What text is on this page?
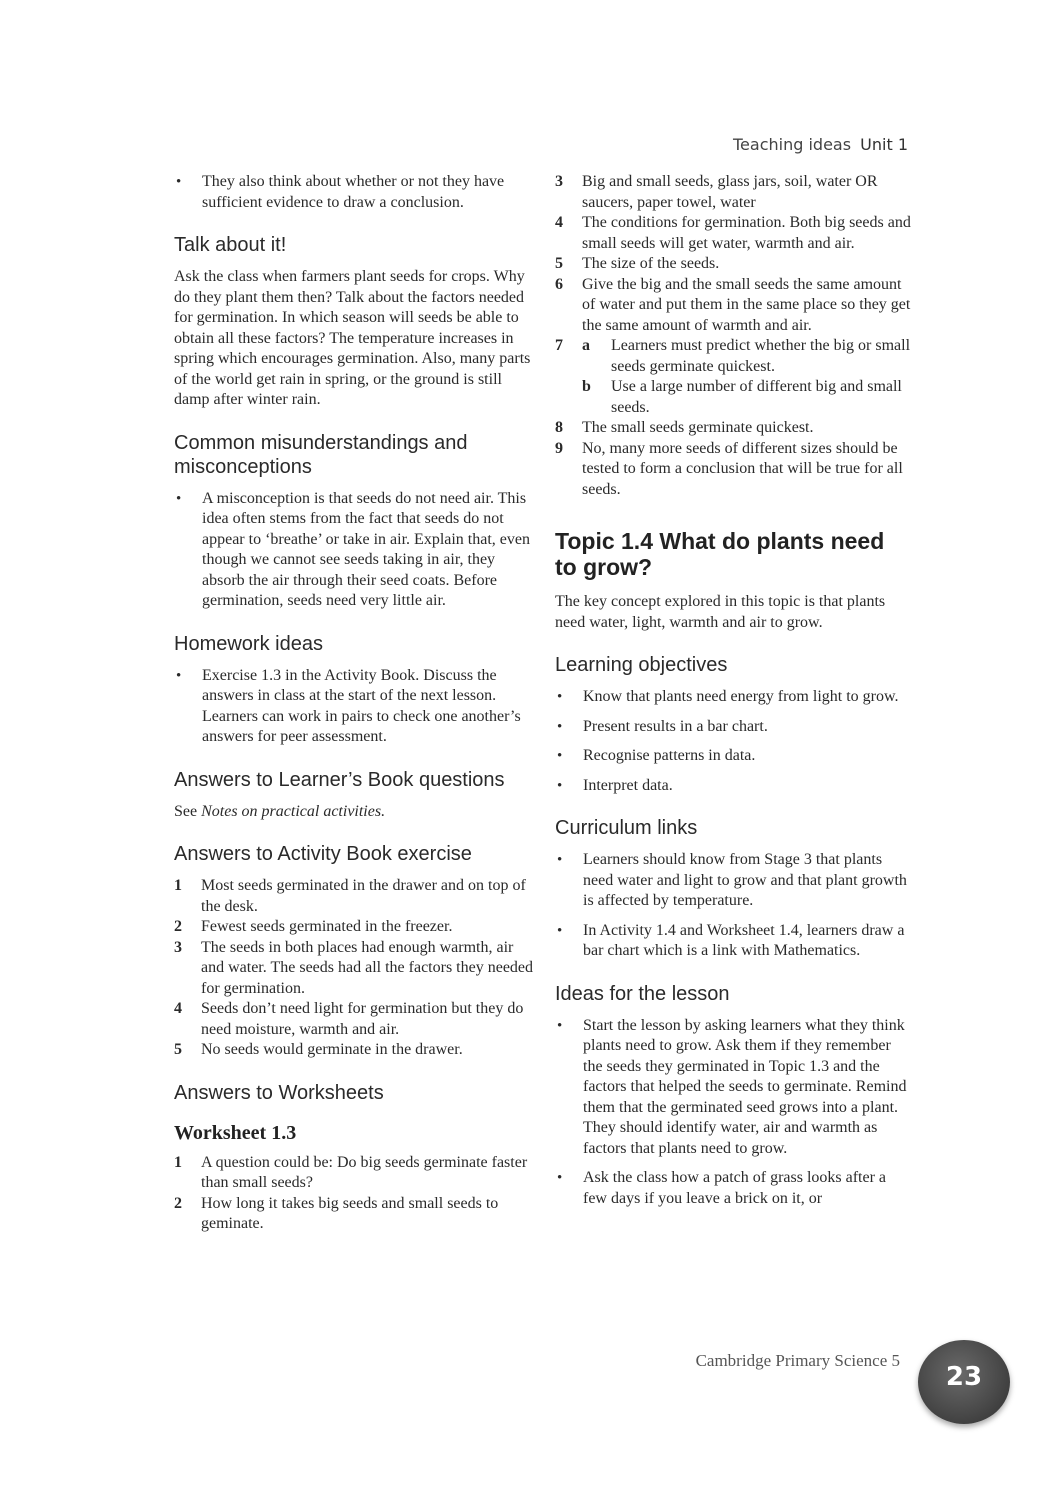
Teaching ideas Unit 1
• They also think about whether or not they have sufficient evidence to draw a conclusion.
Talk about it!

Ask the class when farmers plant seeds for crops. Why do they plant them then? Talk about the factors needed for germination. In which season will seeds be able to obtain all these factors? The temperature increases in spring which encourages germination. Also, many parts of the world get rain in spring, or the ground is still damp after winter rain.

Common misunderstandings and misconceptions
• A misconception is that seeds do not need air. This idea often stems from the fact that seeds do not appear to ‘breathe’ or take in air. Explain that, even though we cannot see seeds taking in air, they absorb the air through their seed coats. Before germination, seeds need very little air.
Homework ideas
• Exercise 1.3 in the Activity Book. Discuss the answers in class at the start of the next lesson. Learners can work in pairs to check one another’s answers for peer assessment.
Answers to Learner’s Book questions

See Notes on practical activities.

Answers to Activity Book exercise
1	Most seeds germinated in the drawer and on top of the desk.
2	Fewest seeds germinated in the freezer.
3	The seeds in both places had enough warmth, air and water. The seeds had all the factors they needed for germination.
4	Seeds don’t need light for germination but they do need moisture, warmth and air.
5	No seeds would germinate in the drawer.
Answers to Worksheets
Worksheet 1.3
1	A question could be: Do big seeds germinate faster than small seeds?
2	How long it takes big seeds and small seeds to geminate.
3	Big and small seeds, glass jars, soil, water OR saucers, paper towel, water
4	The conditions for germination. Both big seeds and small seeds will get water, warmth and air.
5	The size of the seeds.
6	Give the big and the small seeds the same amount of water and put them in the same place so they get the same amount of warmth and air.
7	a	Learners must predict whether the big or small seeds germinate quickest.
b	Use a large number of different big and small seeds.
8	The small seeds germinate quickest.
9	No, many more seeds of different sizes should be tested to form a conclusion that will be true for all seeds.
Topic 1.4 What do plants need to grow?

The key concept explored in this topic is that plants need water, light, warmth and air to grow.

Learning objectives
• Know that plants need energy from light to grow.
• Present results in a bar chart.
• Recognise patterns in data.
• Interpret data.
Curriculum links
• Learners should know from Stage 3 that plants need water and light to grow and that plant growth is affected by temperature.
• In Activity 1.4 and Worksheet 1.4, learners draw a bar chart which is a link with Mathematics.
Ideas for the lesson
• Start the lesson by asking learners what they think plants need to grow. Ask them if they remember the seeds they germinated in Topic 1.3 and the factors that helped the seeds to germinate. Remind them that the germinated seed grows into a plant. They should identify water, air and warmth as factors that plants need to grow.
• Ask the class how a patch of grass looks after a few days if you leave a brick on it, or
Cambridge Primary Science 5
23
